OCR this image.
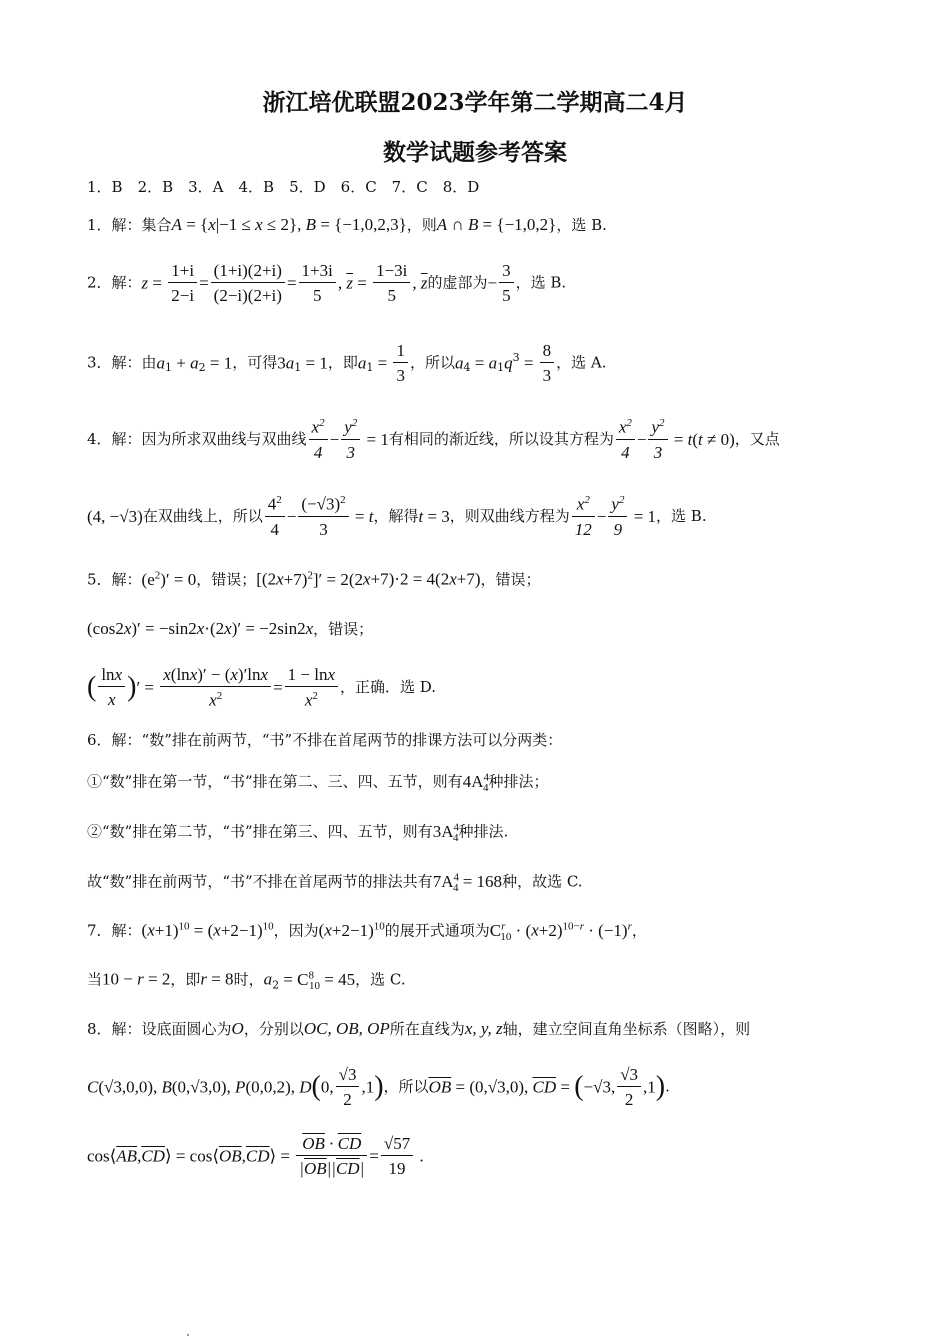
浙江培优联盟2023学年第二学期高二4月
数学试题参考答案
1．B　2．B　3．A　4．B　5．D　6．C　7．C　8．D
1．解：集合A = {x|−1 ≤ x ≤ 2}, B = {−1,0,2,3}，则A ∩ B = {−1,0,2}，选 B.
2．解：$z = \frac{1+i}{2-i} = \frac{(1+i)(2+i)}{(2-i)(2+i)} = \frac{1+3i}{5}$ , $\overline{z} = \frac{1-3i}{5}$ , $\overline{z}$的虚部为− $\frac{3}{5}$ ，选 B.
3．解：由$a_1 + a_2 = 1$，可得$3a_1 = 1$，即$a_1 = \frac{1}{3}$ ，所以$a_4 = a_1q^3 = \frac{8}{3}$ ，选 A.
4．解：因为所求双曲线与双曲线 $\frac{x^2}{4} - \frac{y^2}{3} = 1$有相同的渐近线，所以设其方程为 $\frac{x^2}{4} - \frac{y^2}{3} = t(t \ne 0)$，又点
(4, −√3)在双曲线上，所以 $\frac{4^2}{4} - \frac{(-√3)^2}{3} = t$，解得t = 3，则双曲线方程为 $\frac{x^2}{12} - \frac{y^2}{9} = 1$，选 B.
5．解：$(e^2)' = 0$，错误；$[(2x+7)^2]' = 2(2x+7)\cdot 2 = 4(2x+7)$，错误；
(cos2x)′ = −sin2x·(2x)′ = −2sin2x，错误；
( $\frac{\ln x}{x}$ )′ = $\frac{x(\ln x)' - (x)'\ln x}{x^2} = \frac{1 - \ln x}{x^2}$ ，正确．选 D.
6．解：“数”排在前两节，“书”不排在首尾两节的排课方法可以分两类：
①“数”排在第一节，“书”排在第二、三、四、五节，则有$4A^4_4$种排法；
②“数”排在第二节，“书”排在第三、四、五节，则有$3A^4_4$种排法.
故“数”排在前两节，“书”不排在首尾两节的排法共有$7A^4_4 = 168$种，故选 C.
7．解：$(x+1)^{10} = (x+2-1)^{10}$，因为$(x+2-1)^{10}$的展开式通项为$C^r_{10} \cdot (x+2)^{10-r} \cdot (-1)^r$，
当10 − r = 2，即r = 8时，$a_2 = C^8_{10} = 45$，选 C.
8．解：设底面圆心为O，分别以OC, OB, OP所在直线为x, y, z轴，建立空间直角坐标系（图略），则
C(√3,0,0), B(0,√3,0), P(0,0,2), D(0, $\frac{√3}{2} ,1$)，所以$\overline{OB} = (0,√3,0)$, $\overline{CD} = (-√3$, $\frac{√3}{2} ,1$).
$\cos⟨\overline{AB},\overline{CD}⟩$ = $\cos⟨\overline{OB},\overline{CD}⟩ = \frac{\overline{OB} \cdot \overline{CD}}{|\overline{OB}||\overline{CD}|} = \frac{√57}{19}$ .
